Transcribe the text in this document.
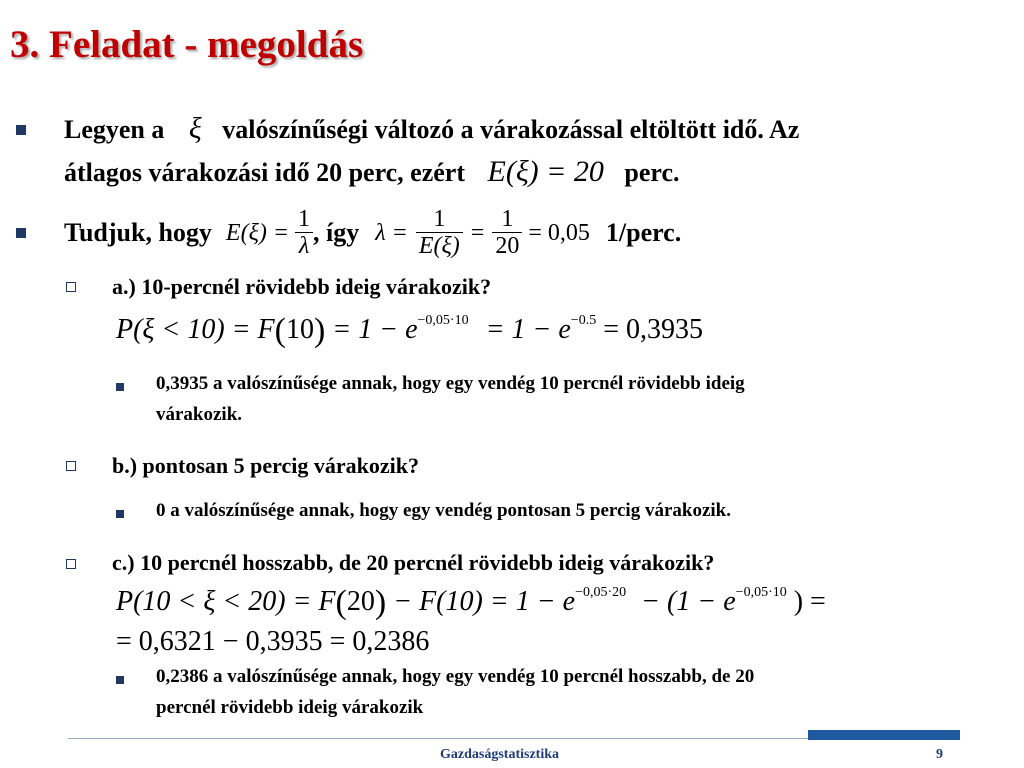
3. Feladat - megoldás
Legyen a ξ valószínűségi változó a várakozással eltöltött idő. Az
átlagos várakozási idő 20 perc, ezért E(ξ) = 20 perc.
Tudjuk, hogy $E(\xi) = \frac{1}{\lambda}$ , így $\lambda = \frac{1}{E(\xi)} = \frac{1}{20} = 0,05$ 1/perc.
a.) 10-percnél rövidebb ideig várakozik?
$P(\xi < 10) = F(10) = 1 - e^{-0,05\cdot 10} = 1 - e^{-0.5} = 0,3935$
0,3935 a valószínűsége annak, hogy egy vendég 10 percnél rövidebb ideig
várakozik.
b.) pontosan 5 percig várakozik?
0 a valószínűsége annak, hogy egy vendég pontosan 5 percig várakozik.
c.) 10 percnél hosszabb, de 20 percnél rövidebb ideig várakozik?
$P(10 < \xi < 20) = F(20) - F(10) = 1 - e^{-0,05\cdot 20} - (1 - e^{-0,05\cdot 10}$ ) =
= 0,6321 − 0,3935 = 0,2386
0,2386 a valószínűsége annak, hogy egy vendég 10 percnél hosszabb, de 20
percnél rövidebb ideig várakozik
Gazdaságstatisztika	9
